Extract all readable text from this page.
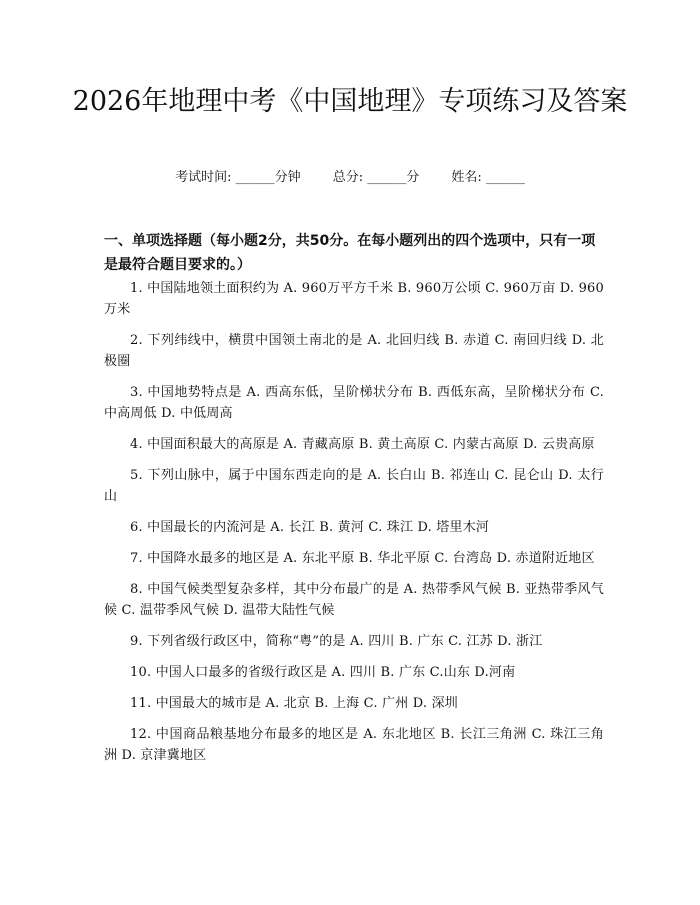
2026年地理中考《中国地理》专项练习及答案
考试时间: ______分钟 总分: ______分 姓名: ______
一、单项选择题（每小题2分，共50分。在每小题列出的四个选项中，只有一项是最符合题目要求的。）
1. 中国陆地领土面积约为 A. 960万平方千米 B. 960万公顷 C. 960万亩 D. 960万米
2. 下列纬线中，横贯中国领土南北的是 A. 北回归线 B. 赤道 C. 南回归线 D. 北极圈
3. 中国地势特点是 A. 西高东低，呈阶梯状分布 B. 西低东高，呈阶梯状分布 C. 中高周低 D. 中低周高
4. 中国面积最大的高原是 A. 青藏高原 B. 黄土高原 C. 内蒙古高原 D. 云贵高原
5. 下列山脉中，属于中国东西走向的是 A. 长白山 B. 祁连山 C. 昆仑山 D. 太行山
6. 中国最长的内流河是 A. 长江 B. 黄河 C. 珠江 D. 塔里木河
7. 中国降水最多的地区是 A. 东北平原 B. 华北平原 C. 台湾岛 D. 赤道附近地区
8. 中国气候类型复杂多样，其中分布最广的是 A. 热带季风气候 B. 亚热带季风气候 C. 温带季风气候 D. 温带大陆性气候
9. 下列省级行政区中，简称“粤”的是 A. 四川 B. 广东 C. 江苏 D. 浙江
10. 中国人口最多的省级行政区是 A. 四川 B. 广东 C.山东 D.河南
11. 中国最大的城市是 A. 北京 B. 上海 C. 广州 D. 深圳
12. 中国商品粮基地分布最多的地区是 A. 东北地区 B. 长江三角洲 C. 珠江三角洲 D. 京津冀地区
